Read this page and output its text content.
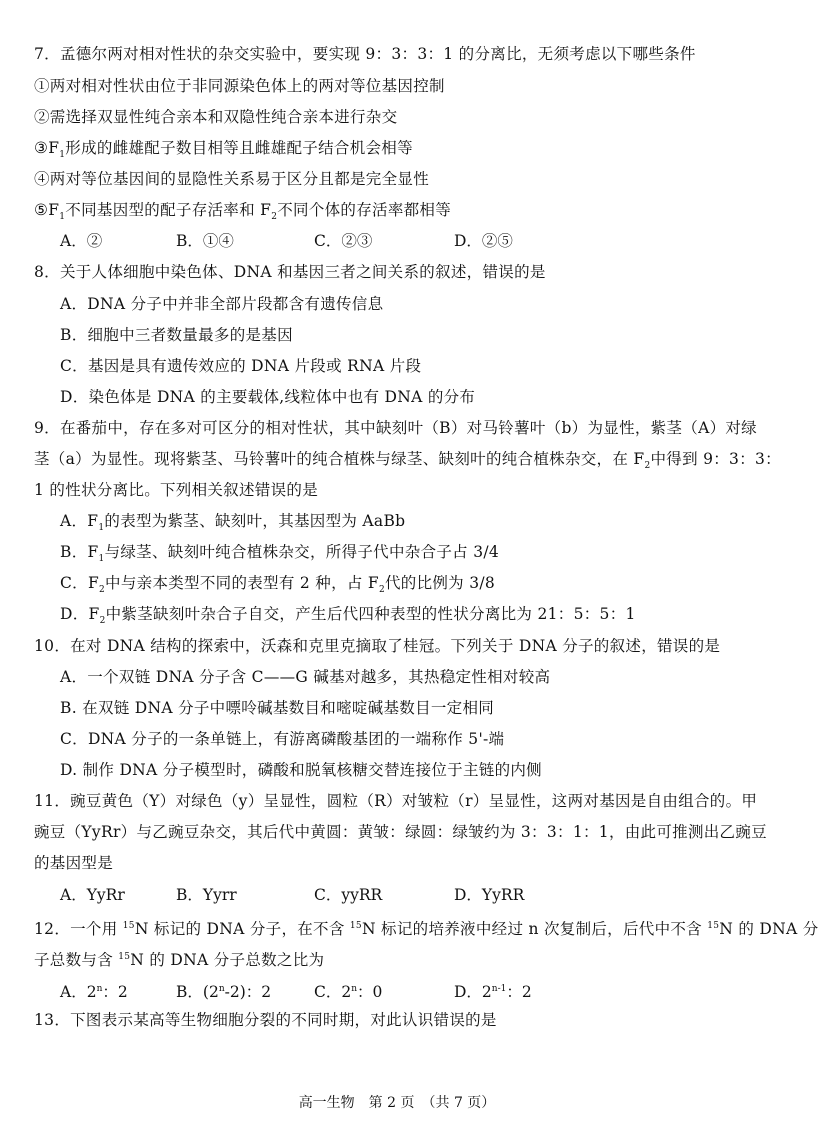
7．孟德尔两对相对性状的杂交实验中，要实现 9：3：3：1 的分离比，无须考虑以下哪些条件
①两对相对性状由位于非同源染色体上的两对等位基因控制
②需选择双显性纯合亲本和双隐性纯合亲本进行杂交
$③F_1$形成的雌雄配子数目相等且雌雄配子结合机会相等
④两对等位基因间的显隐性关系易于区分且都是完全显性
$⑤F_1$不同基因型的配子存活率和 $F_2$不同个体的存活率都相等
A．②	B．①④	C．②③	D．②⑤
8．关于人体细胞中染色体、DNA 和基因三者之间关系的叙述，错误的是
A．DNA 分子中并非全部片段都含有遗传信息
B．细胞中三者数量最多的是基因
C．基因是具有遗传效应的 DNA 片段或 RNA 片段
D．染色体是 DNA 的主要载体,线粒体中也有 DNA 的分布
9．在番茄中，存在多对可区分的相对性状，其中缺刻叶（B）对马铃薯叶（b）为显性，紫茎（A）对绿
茎（a）为显性。现将紫茎、马铃薯叶的纯合植株与绿茎、缺刻叶的纯合植株杂交，在 $F_2$中得到 9：3：3：
1 的性状分离比。下列相关叙述错误的是
A．$F_1$的表型为紫茎、缺刻叶，其基因型为 AaBb
B．$F_1$与绿茎、缺刻叶纯合植株杂交，所得子代中杂合子占 3/4
C．$F_2$中与亲本类型不同的表型有 2 种，占 $F_2$代的比例为 3/8
D．$F_2$中紫茎缺刻叶杂合子自交，产生后代四种表型的性状分离比为 21：5：5：1
10．在对 DNA 结构的探索中，沃森和克里克摘取了桂冠。下列关于 DNA 分子的叙述，错误的是
A．一个双链 DNA 分子含 C——G 碱基对越多，其热稳定性相对较高
B. 在双链 DNA 分子中嘌呤碱基数目和嘧啶碱基数目一定相同
C．DNA 分子的一条单链上，有游离磷酸基团的一端称作 5'-端
D. 制作 DNA 分子模型时，磷酸和脱氧核糖交替连接位于主链的内侧
11．豌豆黄色（Y）对绿色（y）呈显性，圆粒（R）对皱粒（r）呈显性，这两对基因是自由组合的。甲
豌豆（YyRr）与乙豌豆杂交，其后代中黄圆：黄皱：绿圆：绿皱约为 3：3：1：1，由此可推测出乙豌豆
的基因型是
A．YyRr	B．Yyrr	C．yyRR	D．YyRR
12．一个用 $^{15}$N 标记的 DNA 分子，在不含 $^{15}$N 标记的培养液中经过 n 次复制后，后代中不含 $^{15}$N 的 DNA 分
子总数与含 $^{15}$N 的 DNA 分子总数之比为
A．2$^n$：2	B．(2$^n$-2)：2	C．2$^n$：0	D．2$^{n-1}$：2
13．下图表示某高等生物细胞分裂的不同时期，对此认识错误的是
高一生物　第 2 页　（共 7 页）
